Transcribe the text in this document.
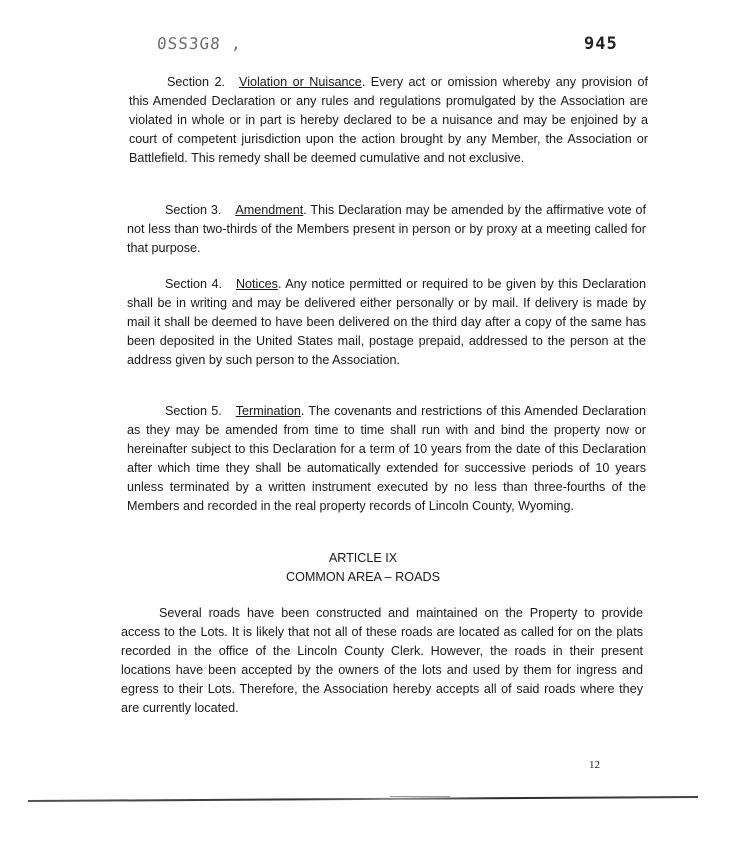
0SS3G8 ,	945
Section 2. Violation or Nuisance. Every act or omission whereby any provision of this Amended Declaration or any rules and regulations promulgated by the Association are violated in whole or in part is hereby declared to be a nuisance and may be enjoined by a court of competent jurisdiction upon the action brought by any Member, the Association or Battlefield. This remedy shall be deemed cumulative and not exclusive.
Section 3. Amendment. This Declaration may be amended by the affirmative vote of not less than two-thirds of the Members present in person or by proxy at a meeting called for that purpose.
Section 4. Notices. Any notice permitted or required to be given by this Declaration shall be in writing and may be delivered either personally or by mail. If delivery is made by mail it shall be deemed to have been delivered on the third day after a copy of the same has been deposited in the United States mail, postage prepaid, addressed to the person at the address given by such person to the Association.
Section 5. Termination. The covenants and restrictions of this Amended Declaration as they may be amended from time to time shall run with and bind the property now or hereinafter subject to this Declaration for a term of 10 years from the date of this Declaration after which time they shall be automatically extended for successive periods of 10 years unless terminated by a written instrument executed by no less than three-fourths of the Members and recorded in the real property records of Lincoln County, Wyoming.
ARTICLE IX
COMMON AREA – ROADS
Several roads have been constructed and maintained on the Property to provide access to the Lots. It is likely that not all of these roads are located as called for on the plats recorded in the office of the Lincoln County Clerk. However, the roads in their present locations have been accepted by the owners of the lots and used by them for ingress and egress to their Lots. Therefore, the Association hereby accepts all of said roads where they are currently located.
12
